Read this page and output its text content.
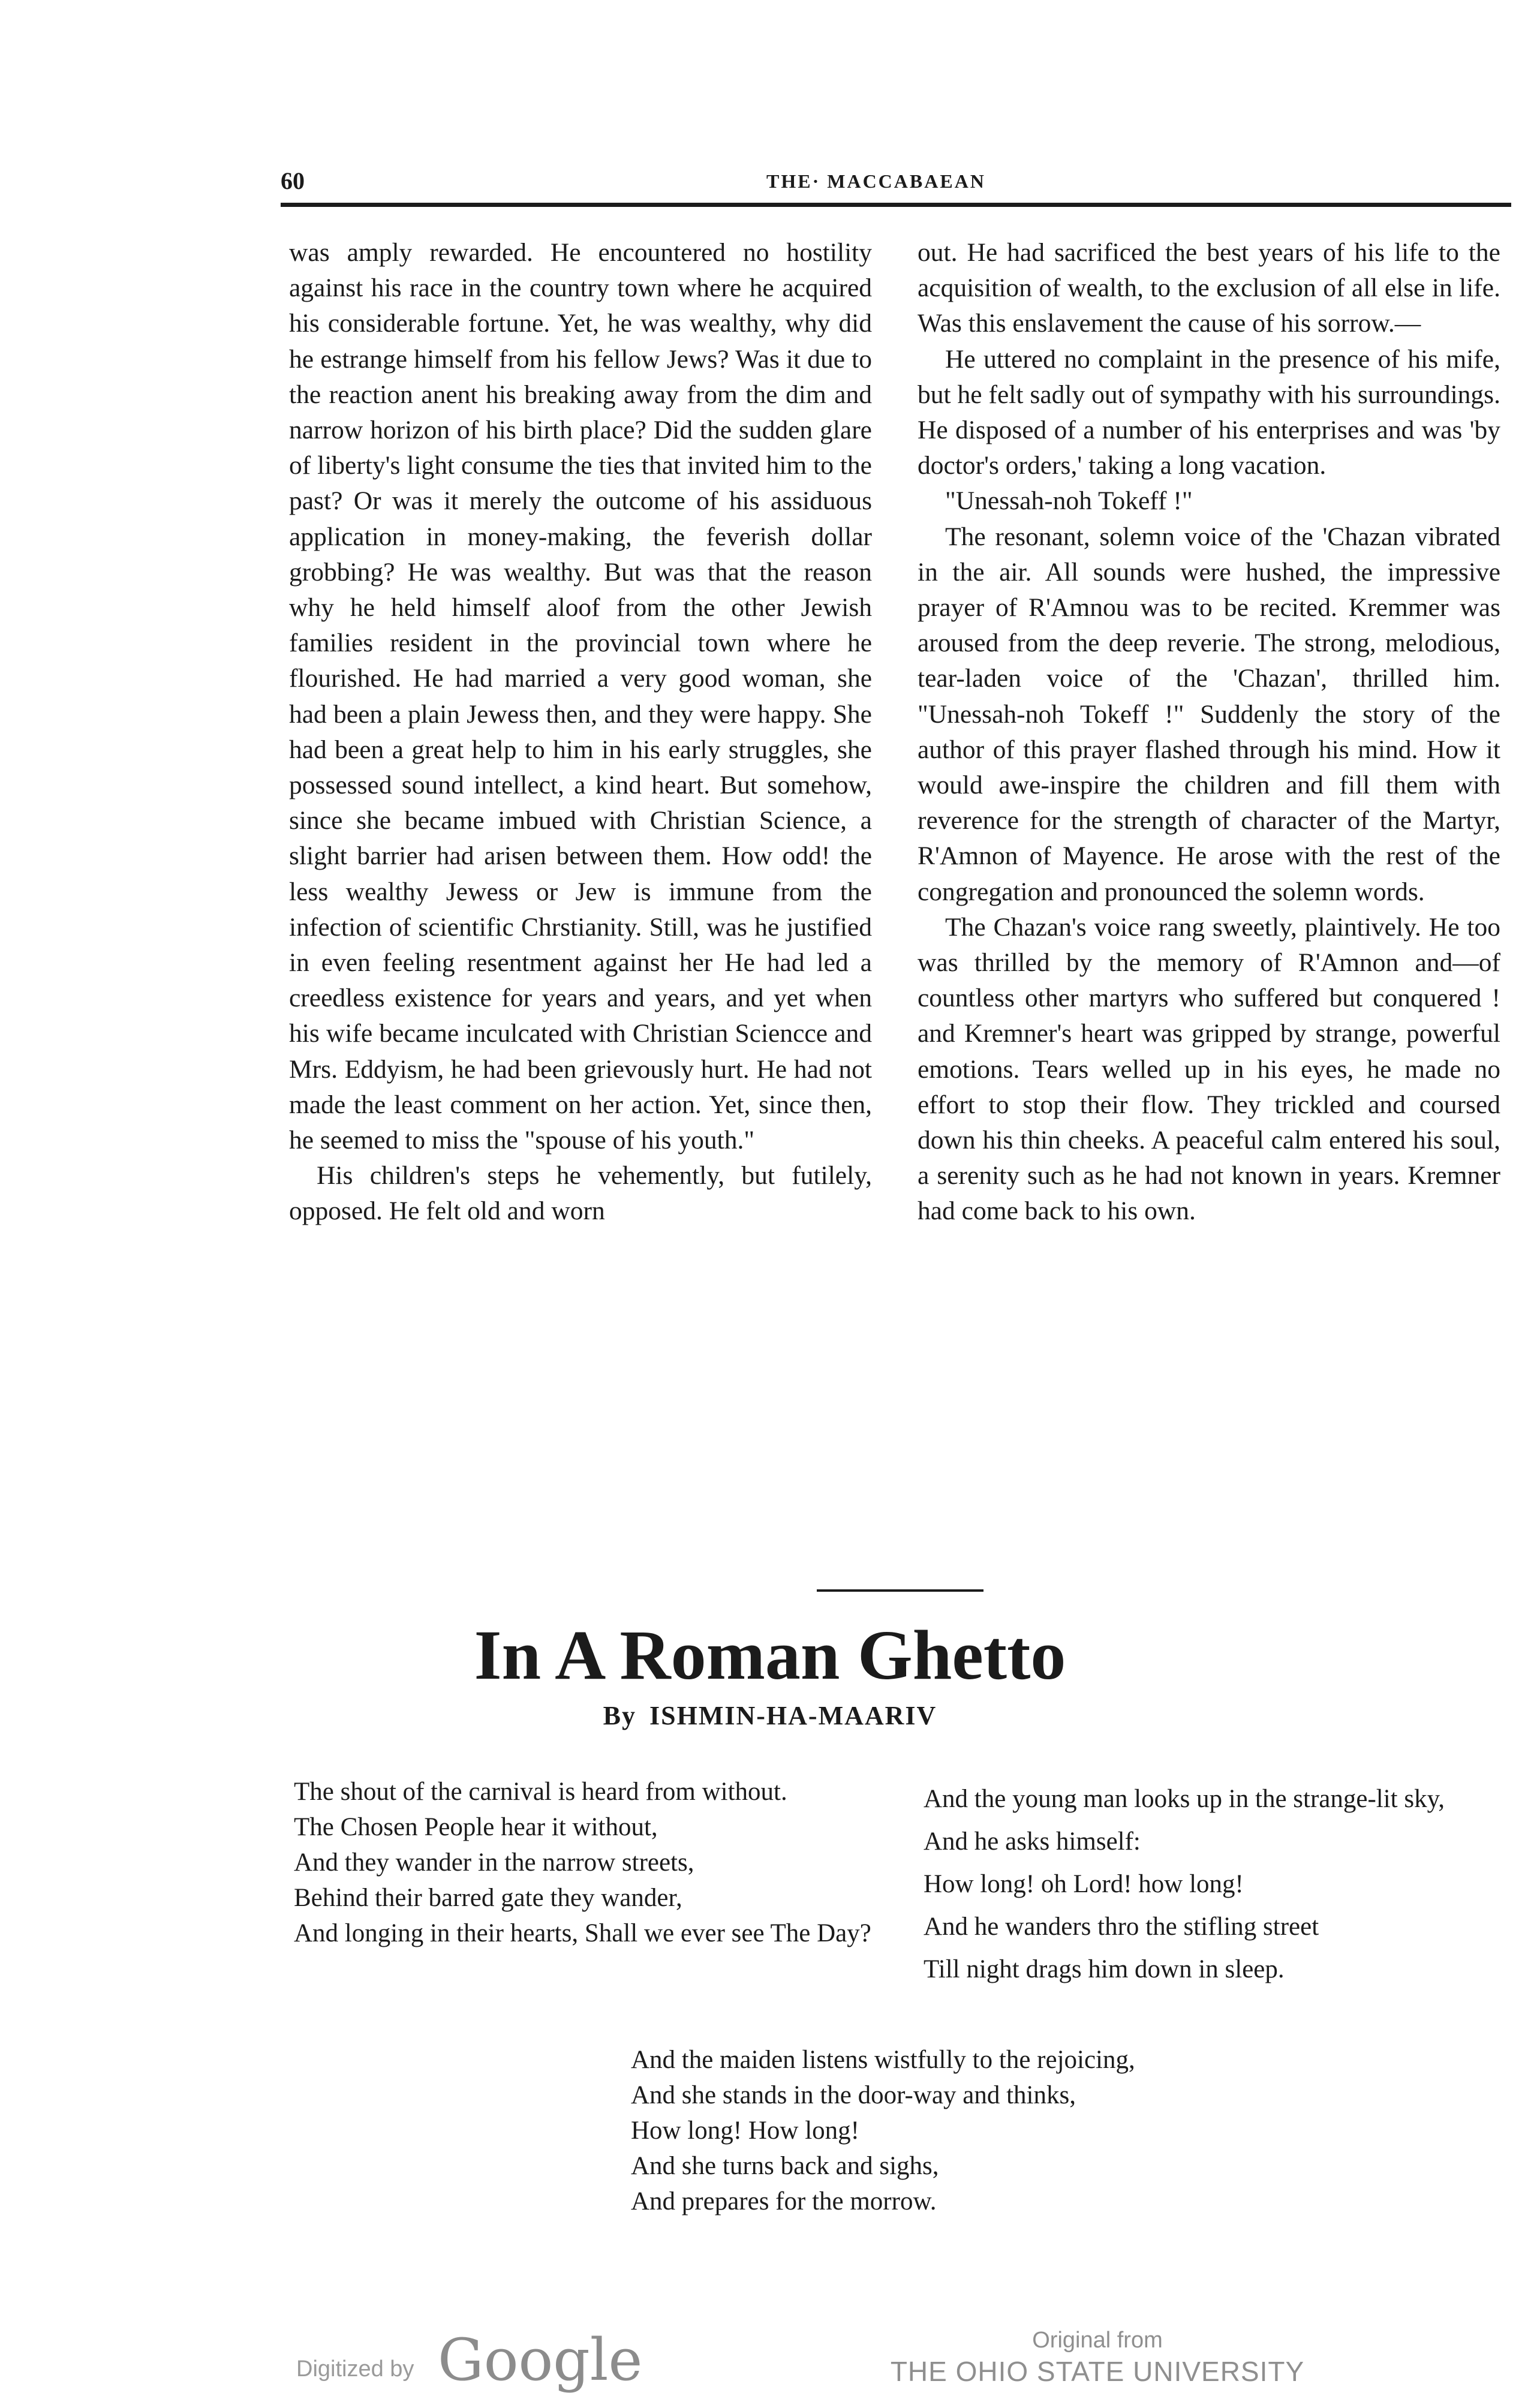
60	THE· MACCABAEAN

was amply rewarded. He encountered no hostility against his race in the country town where he acquired his considerable fortune. Yet, he was wealthy, why did he estrange himself from his fellow Jews? Was it due to the reaction anent his breaking away from the dim and narrow horizon of his birth place? Did the sudden glare of liberty's light consume the ties that invited him to the past? Or was it merely the outcome of his assiduous application in money-making, the feverish dollar grobbing? He was wealthy. But was that the reason why he held himself aloof from the other Jewish families resident in the provincial town where he flourished. He had married a very good woman, she had been a plain Jewess then, and they were happy. She had been a great help to him in his early struggles, she possessed sound intellect, a kind heart. But somehow, since she became imbued with Christian Science, a slight barrier had arisen between them. How odd! the less wealthy Jewess or Jew is immune from the infection of scientific Chrstianity. Still, was he justified in even feeling resentment against her He had led a creedless existence for years and years, and yet when his wife became inculcated with Christian Sciencce and Mrs. Eddyism, he had been grievously hurt. He had not made the least comment on her action. Yet, since then, he seemed to miss the "spouse of his youth."

His children's steps he vehemently, but futilely, opposed. He felt old and worn

out. He had sacrificed the best years of his life to the acquisition of wealth, to the exclusion of all else in life. Was this enslavement the cause of his sorrow.—

He uttered no complaint in the presence of his mife, but he felt sadly out of sympathy with his surroundings. He disposed of a number of his enterprises and was 'by doctor's orders,' taking a long vacation.

"Unessah-noh Tokeff !"

The resonant, solemn voice of the 'Chazan vibrated in the air. All sounds were hushed, the impressive prayer of R'Amnou was to be recited. Kremmer was aroused from the deep reverie. The strong, melodious, tear-laden voice of the 'Chazan', thrilled him. "Unessah-noh Tokeff !" Suddenly the story of the author of this prayer flashed through his mind. How it would awe-inspire the children and fill them with reverence for the strength of character of the Martyr, R'Amnon of Mayence. He arose with the rest of the congregation and pronounced the solemn words.

The Chazan's voice rang sweetly, plaintively. He too was thrilled by the memory of R'Amnon and—of countless other martyrs who suffered but conquered ! and Kremner's heart was gripped by strange, powerful emotions. Tears welled up in his eyes, he made no effort to stop their flow. They trickled and coursed down his thin cheeks. A peaceful calm entered his soul, a serenity such as he had not known in years. Kremner had come back to his own.

In A Roman Ghetto
By ISHMIN-HA-MAARIV
The shout of the carnival is heard from without.
The Chosen People hear it without,
And they wander in the narrow streets,
Behind their barred gate they wander,
And longing in their hearts, Shall we ever see The Day?
And the young man looks up in the strange-lit sky,
And he asks himself:
How long! oh Lord! how long!
And he wanders thro the stifling street
Till night drags him down in sleep.
And the maiden listens wistfully to the rejoicing,
And she stands in the door-way and thinks,
How long! How long!
And she turns back and sighs,
And prepares for the morrow.
Digitized by Google	Original from
THE OHIO STATE UNIVERSITY
